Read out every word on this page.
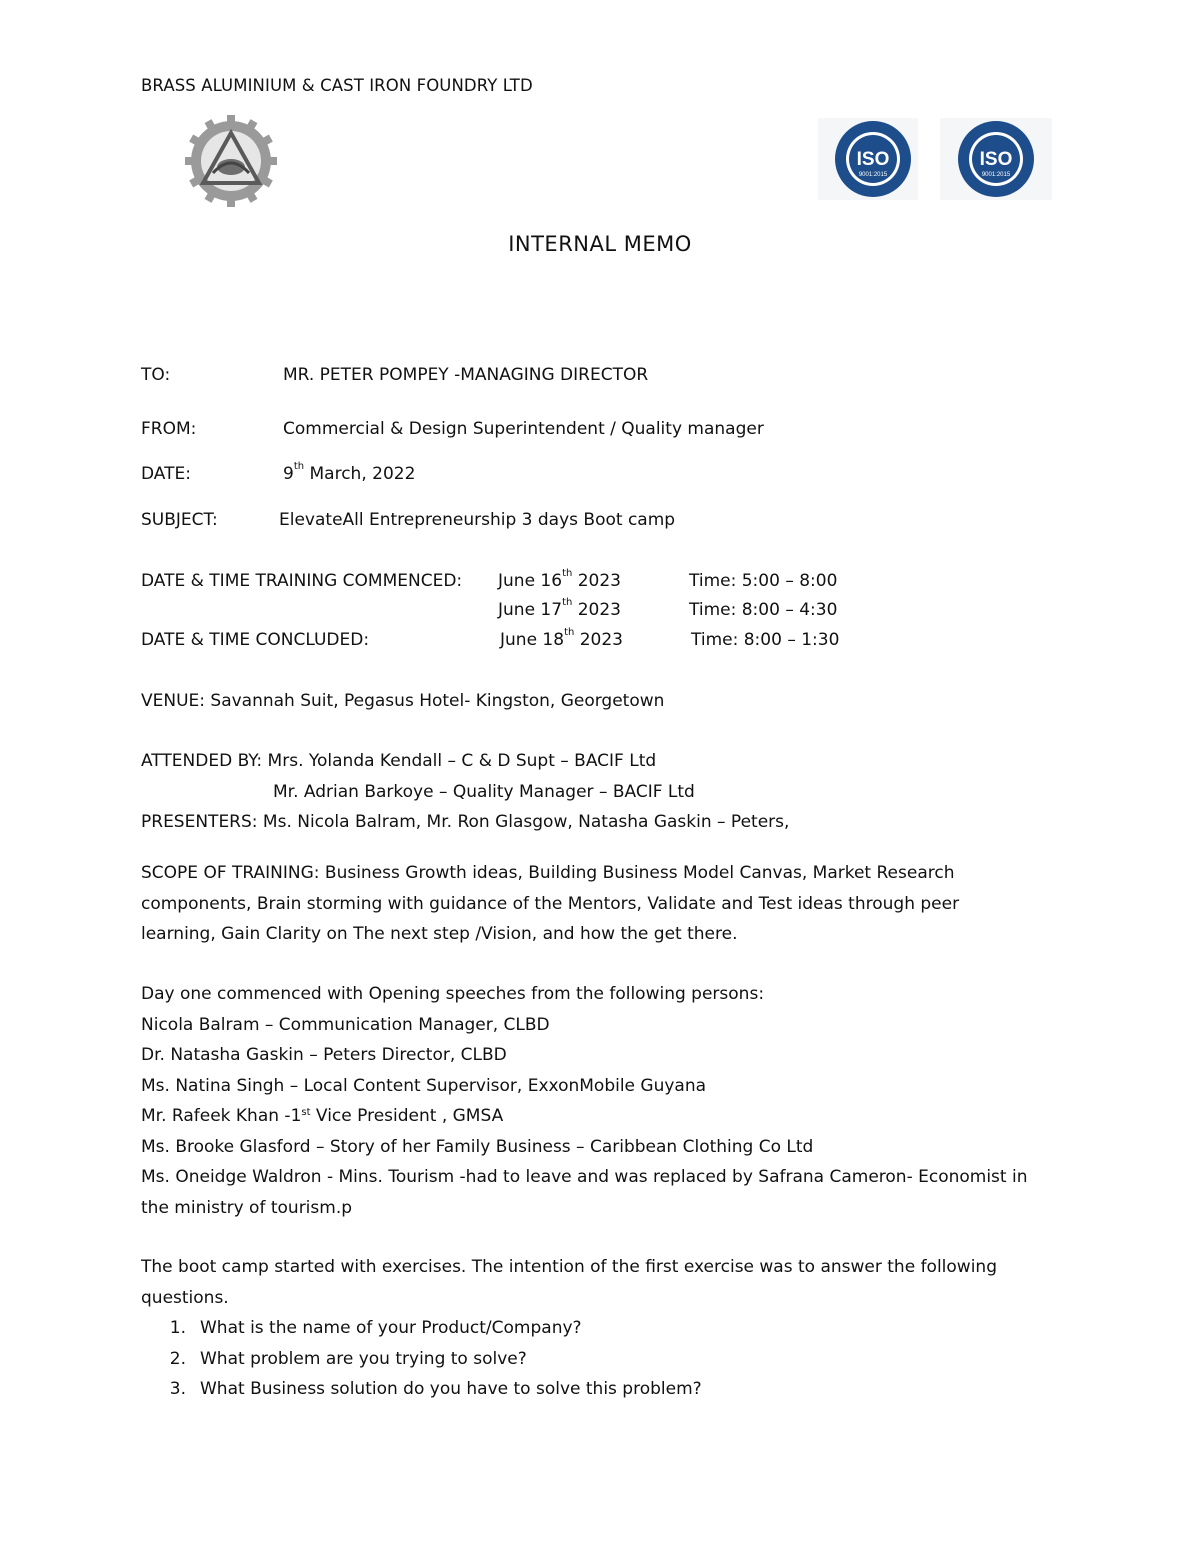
BRASS ALUMINIUM & CAST IRON FOUNDRY LTD
ISO
9001:2015
ISO
9001:2015
INTERNAL MEMO
TO:	MR. PETER POMPEY -MANAGING DIRECTOR
FROM:	Commercial & Design Superintendent / Quality manager
DATE:	9th March, 2022
SUBJECT:	ElevateAll Entrepreneurship 3 days Boot camp
DATE & TIME TRAINING COMMENCED: June 16th 2023	Time: 5:00 – 8:00
June 17th 2023	Time: 8:00 – 4:30
DATE & TIME CONCLUDED:	June 18th 2023	Time: 8:00 – 1:30
VENUE: Savannah Suit, Pegasus Hotel- Kingston, Georgetown
ATTENDED BY: Mrs. Yolanda Kendall – C & D Supt – BACIF Ltd
Mr. Adrian Barkoye – Quality Manager – BACIF Ltd
PRESENTERS: Ms. Nicola Balram, Mr. Ron Glasgow, Natasha Gaskin – Peters,
SCOPE OF TRAINING: Business Growth ideas, Building Business Model Canvas, Market Research
components, Brain storming with guidance of the Mentors, Validate and Test ideas through peer
learning, Gain Clarity on The next step /Vision, and how the get there.
Day one commenced with Opening speeches from the following persons:
Nicola Balram – Communication Manager, CLBD
Dr. Natasha Gaskin – Peters Director, CLBD
Ms. Natina Singh – Local Content Supervisor, ExxonMobile Guyana
Mr. Rafeek Khan -1st Vice President , GMSA
Ms. Brooke Glasford – Story of her Family Business – Caribbean Clothing Co Ltd
Ms. Oneidge Waldron - Mins. Tourism -had to leave and was replaced by Safrana Cameron- Economist in
the ministry of tourism.p
The boot camp started with exercises. The intention of the first exercise was to answer the following
questions.
1. What is the name of your Product/Company?
2. What problem are you trying to solve?
3. What Business solution do you have to solve this problem?
